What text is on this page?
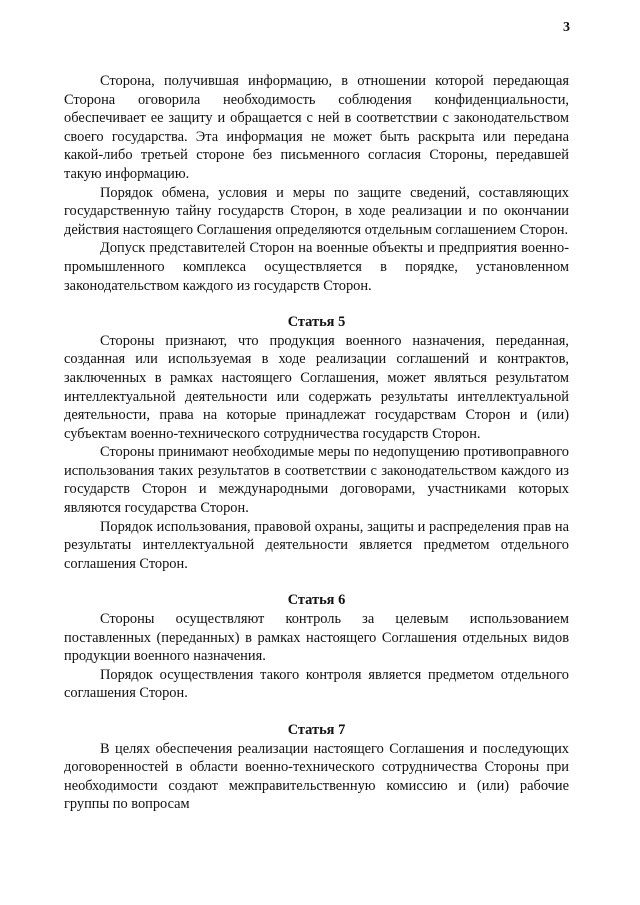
3

Сторона, получившая информацию, в отношении которой передающая Сторона оговорила необходимость соблюдения конфиденциальности, обеспечивает ее защиту и обращается с ней в соответствии с законодательством своего государства. Эта информация не может быть раскрыта или передана какой-либо третьей стороне без письменного согласия Стороны, передавшей такую информацию.

Порядок обмена, условия и меры по защите сведений, составляющих государственную тайну государств Сторон, в ходе реализации и по окончании действия настоящего Соглашения определяются отдельным соглашением Сторон.

Допуск представителей Сторон на военные объекты и предприятия военно-промышленного комплекса осуществляется в порядке, установленном законодательством каждого из государств Сторон.

Статья 5

Стороны признают, что продукция военного назначения, переданная, созданная или используемая в ходе реализации соглашений и контрактов, заключенных в рамках настоящего Соглашения, может являться результатом интеллектуальной деятельности или содержать результаты интеллектуальной деятельности, права на которые принадлежат государствам Сторон и (или) субъектам военно-технического сотрудничества государств Сторон.

Стороны принимают необходимые меры по недопущению противоправного использования таких результатов в соответствии с законодательством каждого из государств Сторон и международными договорами, участниками которых являются государства Сторон.

Порядок использования, правовой охраны, защиты и распределения прав на результаты интеллектуальной деятельности является предметом отдельного соглашения Сторон.

Статья 6

Стороны осуществляют контроль за целевым использованием поставленных (переданных) в рамках настоящего Соглашения отдельных видов продукции военного назначения.

Порядок осуществления такого контроля является предметом отдельного соглашения Сторон.

Статья 7

В целях обеспечения реализации настоящего Соглашения и последующих договоренностей в области военно-технического сотрудничества Стороны при необходимости создают межправительственную комиссию и (или) рабочие группы по вопросам
